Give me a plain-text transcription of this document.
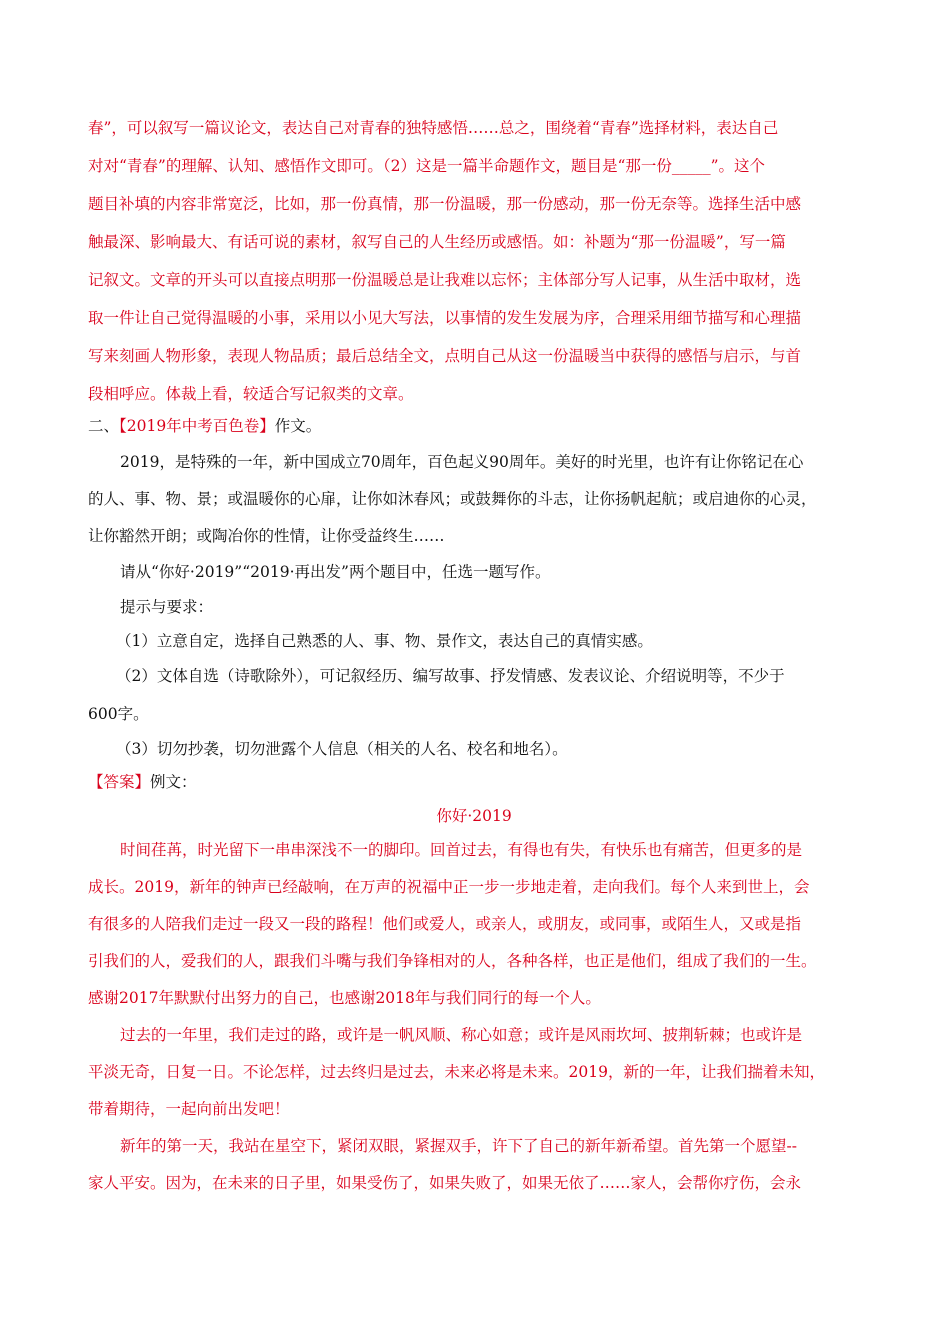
春”，可以叙写一篇议论文，表达自己对青春的独特感悟……总之，围绕着“青春”选择材料，表达自己
对对“青春”的理解、认知、感悟作文即可。（2）这是一篇半命题作文，题目是“那一份_____”。这个
题目补填的内容非常宽泛，比如，那一份真情，那一份温暖，那一份感动，那一份无奈等。选择生活中感
触最深、影响最大、有话可说的素材，叙写自己的人生经历或感悟。如：补题为“那一份温暖”，写一篇
记叙文。文章的开头可以直接点明那一份温暖总是让我难以忘怀；主体部分写人记事，从生活中取材，选
取一件让自己觉得温暖的小事，采用以小见大写法，以事情的发生发展为序，合理采用细节描写和心理描
写来刻画人物形象，表现人物品质；最后总结全文，点明自己从这一份温暖当中获得的感悟与启示，与首
段相呼应。体裁上看，较适合写记叙类的文章。
二、【2019年中考百色卷】作文。
2019，是特殊的一年，新中国成立70周年，百色起义90周年。美好的时光里，也许有让你铭记在心
的人、事、物、景；或温暖你的心扉，让你如沐春风；或鼓舞你的斗志，让你扬帆起航；或启迪你的心灵，
让你豁然开朗；或陶冶你的性情，让你受益终生……
请从“你好·2019”“2019·再出发”两个题目中，任选一题写作。
提示与要求：
（1）立意自定，选择自己熟悉的人、事、物、景作文，表达自己的真情实感。
（2）文体自选（诗歌除外），可记叙经历、编写故事、抒发情感、发表议论、介绍说明等，不少于
600字。
（3）切勿抄袭，切勿泄露个人信息（相关的人名、校名和地名）。
【答案】例文：
你好·2019
时间荏苒，时光留下一串串深浅不一的脚印。回首过去，有得也有失，有快乐也有痛苦，但更多的是
成长。2019，新年的钟声已经敲响，在万声的祝福中正一步一步地走着，走向我们。每个人来到世上，会
有很多的人陪我们走过一段又一段的路程！他们或爱人，或亲人，或朋友，或同事，或陌生人，又或是指
引我们的人，爱我们的人，跟我们斗嘴与我们争锋相对的人，各种各样，也正是他们，组成了我们的一生。
感谢2017年默默付出努力的自己，也感谢2018年与我们同行的每一个人。
过去的一年里，我们走过的路，或许是一帆风顺、称心如意；或许是风雨坎坷、披荆斩棘；也或许是
平淡无奇，日复一日。不论怎样，过去终归是过去，未来必将是未来。2019，新的一年，让我们揣着未知，
带着期待，一起向前出发吧！
新年的第一天，我站在星空下，紧闭双眼，紧握双手，许下了自己的新年新希望。首先第一个愿望--
家人平安。因为，在未来的日子里，如果受伤了，如果失败了，如果无依了……家人，会帮你疗伤，会永
